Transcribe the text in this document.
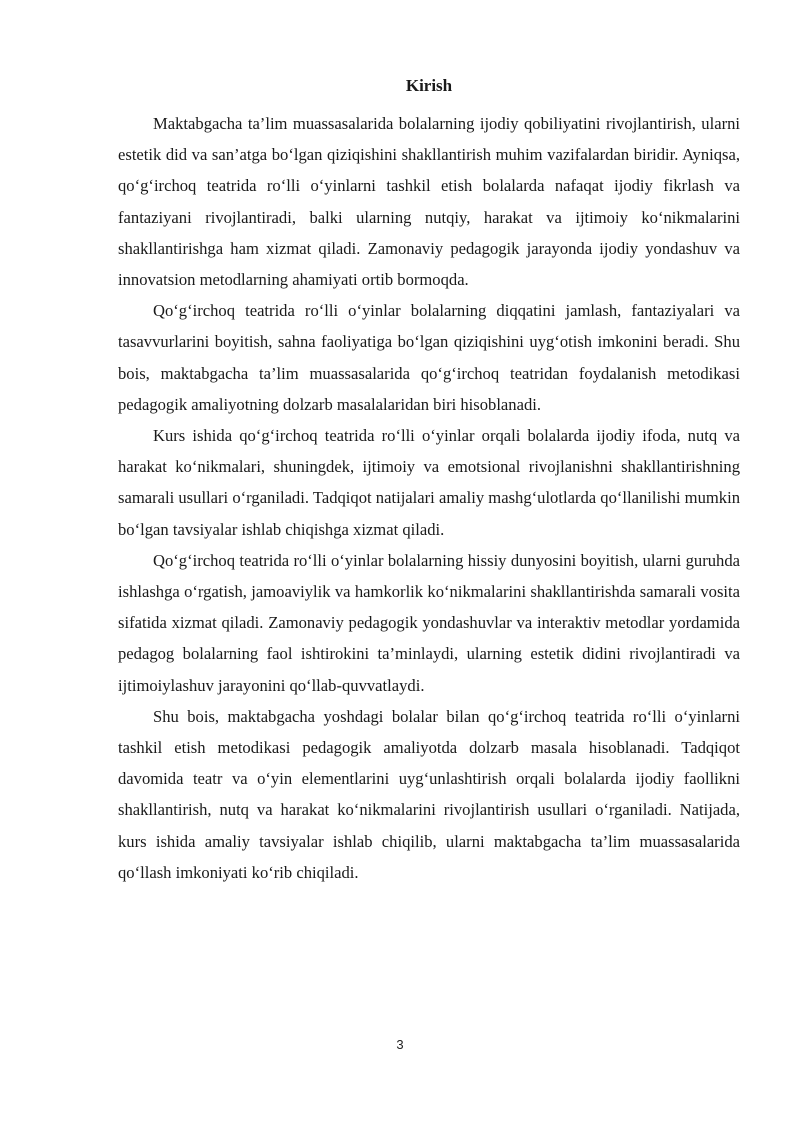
Kirish

Maktabgacha ta’lim muassasalarida bolalarning ijodiy qobiliyatini rivojlantirish, ularni estetik did va san’atga bo‘lgan qiziqishini shakllantirish muhim vazifalardan biridir. Ayniqsa, qo‘g‘irchoq teatrida ro‘lli o‘yinlarni tashkil etish bolalarda nafaqat ijodiy fikrlash va fantaziyani rivojlantiradi, balki ularning nutqiy, harakat va ijtimoiy ko‘nikmalarini shakllantirishga ham xizmat qiladi. Zamonaviy pedagogik jarayonda ijodiy yondashuv va innovatsion metodlarning ahamiyati ortib bormoqda.

Qo‘g‘irchoq teatrida ro‘lli o‘yinlar bolalarning diqqatini jamlash, fantaziyalari va tasavvurlarini boyitish, sahna faoliyatiga bo‘lgan qiziqishini uyg‘otish imkonini beradi. Shu bois, maktabgacha ta’lim muassasalarida qo‘g‘irchoq teatridan foydalanish metodikasi pedagogik amaliyotning dolzarb masalalaridan biri hisoblanadi.

Kurs ishida qo‘g‘irchoq teatrida ro‘lli o‘yinlar orqali bolalarda ijodiy ifoda, nutq va harakat ko‘nikmalari, shuningdek, ijtimoiy va emotsional rivojlanishni shakllantirishning samarali usullari o‘rganiladi. Tadqiqot natijalari amaliy mashg‘ulotlarda qo‘llanilishi mumkin bo‘lgan tavsiyalar ishlab chiqishga xizmat qiladi.

Qo‘g‘irchoq teatrida ro‘lli o‘yinlar bolalarning hissiy dunyosini boyitish, ularni guruhda ishlashga o‘rgatish, jamoaviylik va hamkorlik ko‘nikmalarini shakllantirishda samarali vosita sifatida xizmat qiladi. Zamonaviy pedagogik yondashuvlar va interaktiv metodlar yordamida pedagog bolalarning faol ishtirokini ta’minlaydi, ularning estetik didini rivojlantiradi va ijtimoiylashuv jarayonini qo‘llab-quvvatlaydi.

Shu bois, maktabgacha yoshdagi bolalar bilan qo‘g‘irchoq teatrida ro‘lli o‘yinlarni tashkil etish metodikasi pedagogik amaliyotda dolzarb masala hisoblanadi. Tadqiqot davomida teatr va o‘yin elementlarini uyg‘unlashtirish orqali bolalarda ijodiy faollikni shakllantirish, nutq va harakat ko‘nikmalarini rivojlantirish usullari o‘rganiladi. Natijada, kurs ishida amaliy tavsiyalar ishlab chiqilib, ularni maktabgacha ta’lim muassasalarida qo‘llash imkoniyati ko‘rib chiqiladi.

3
